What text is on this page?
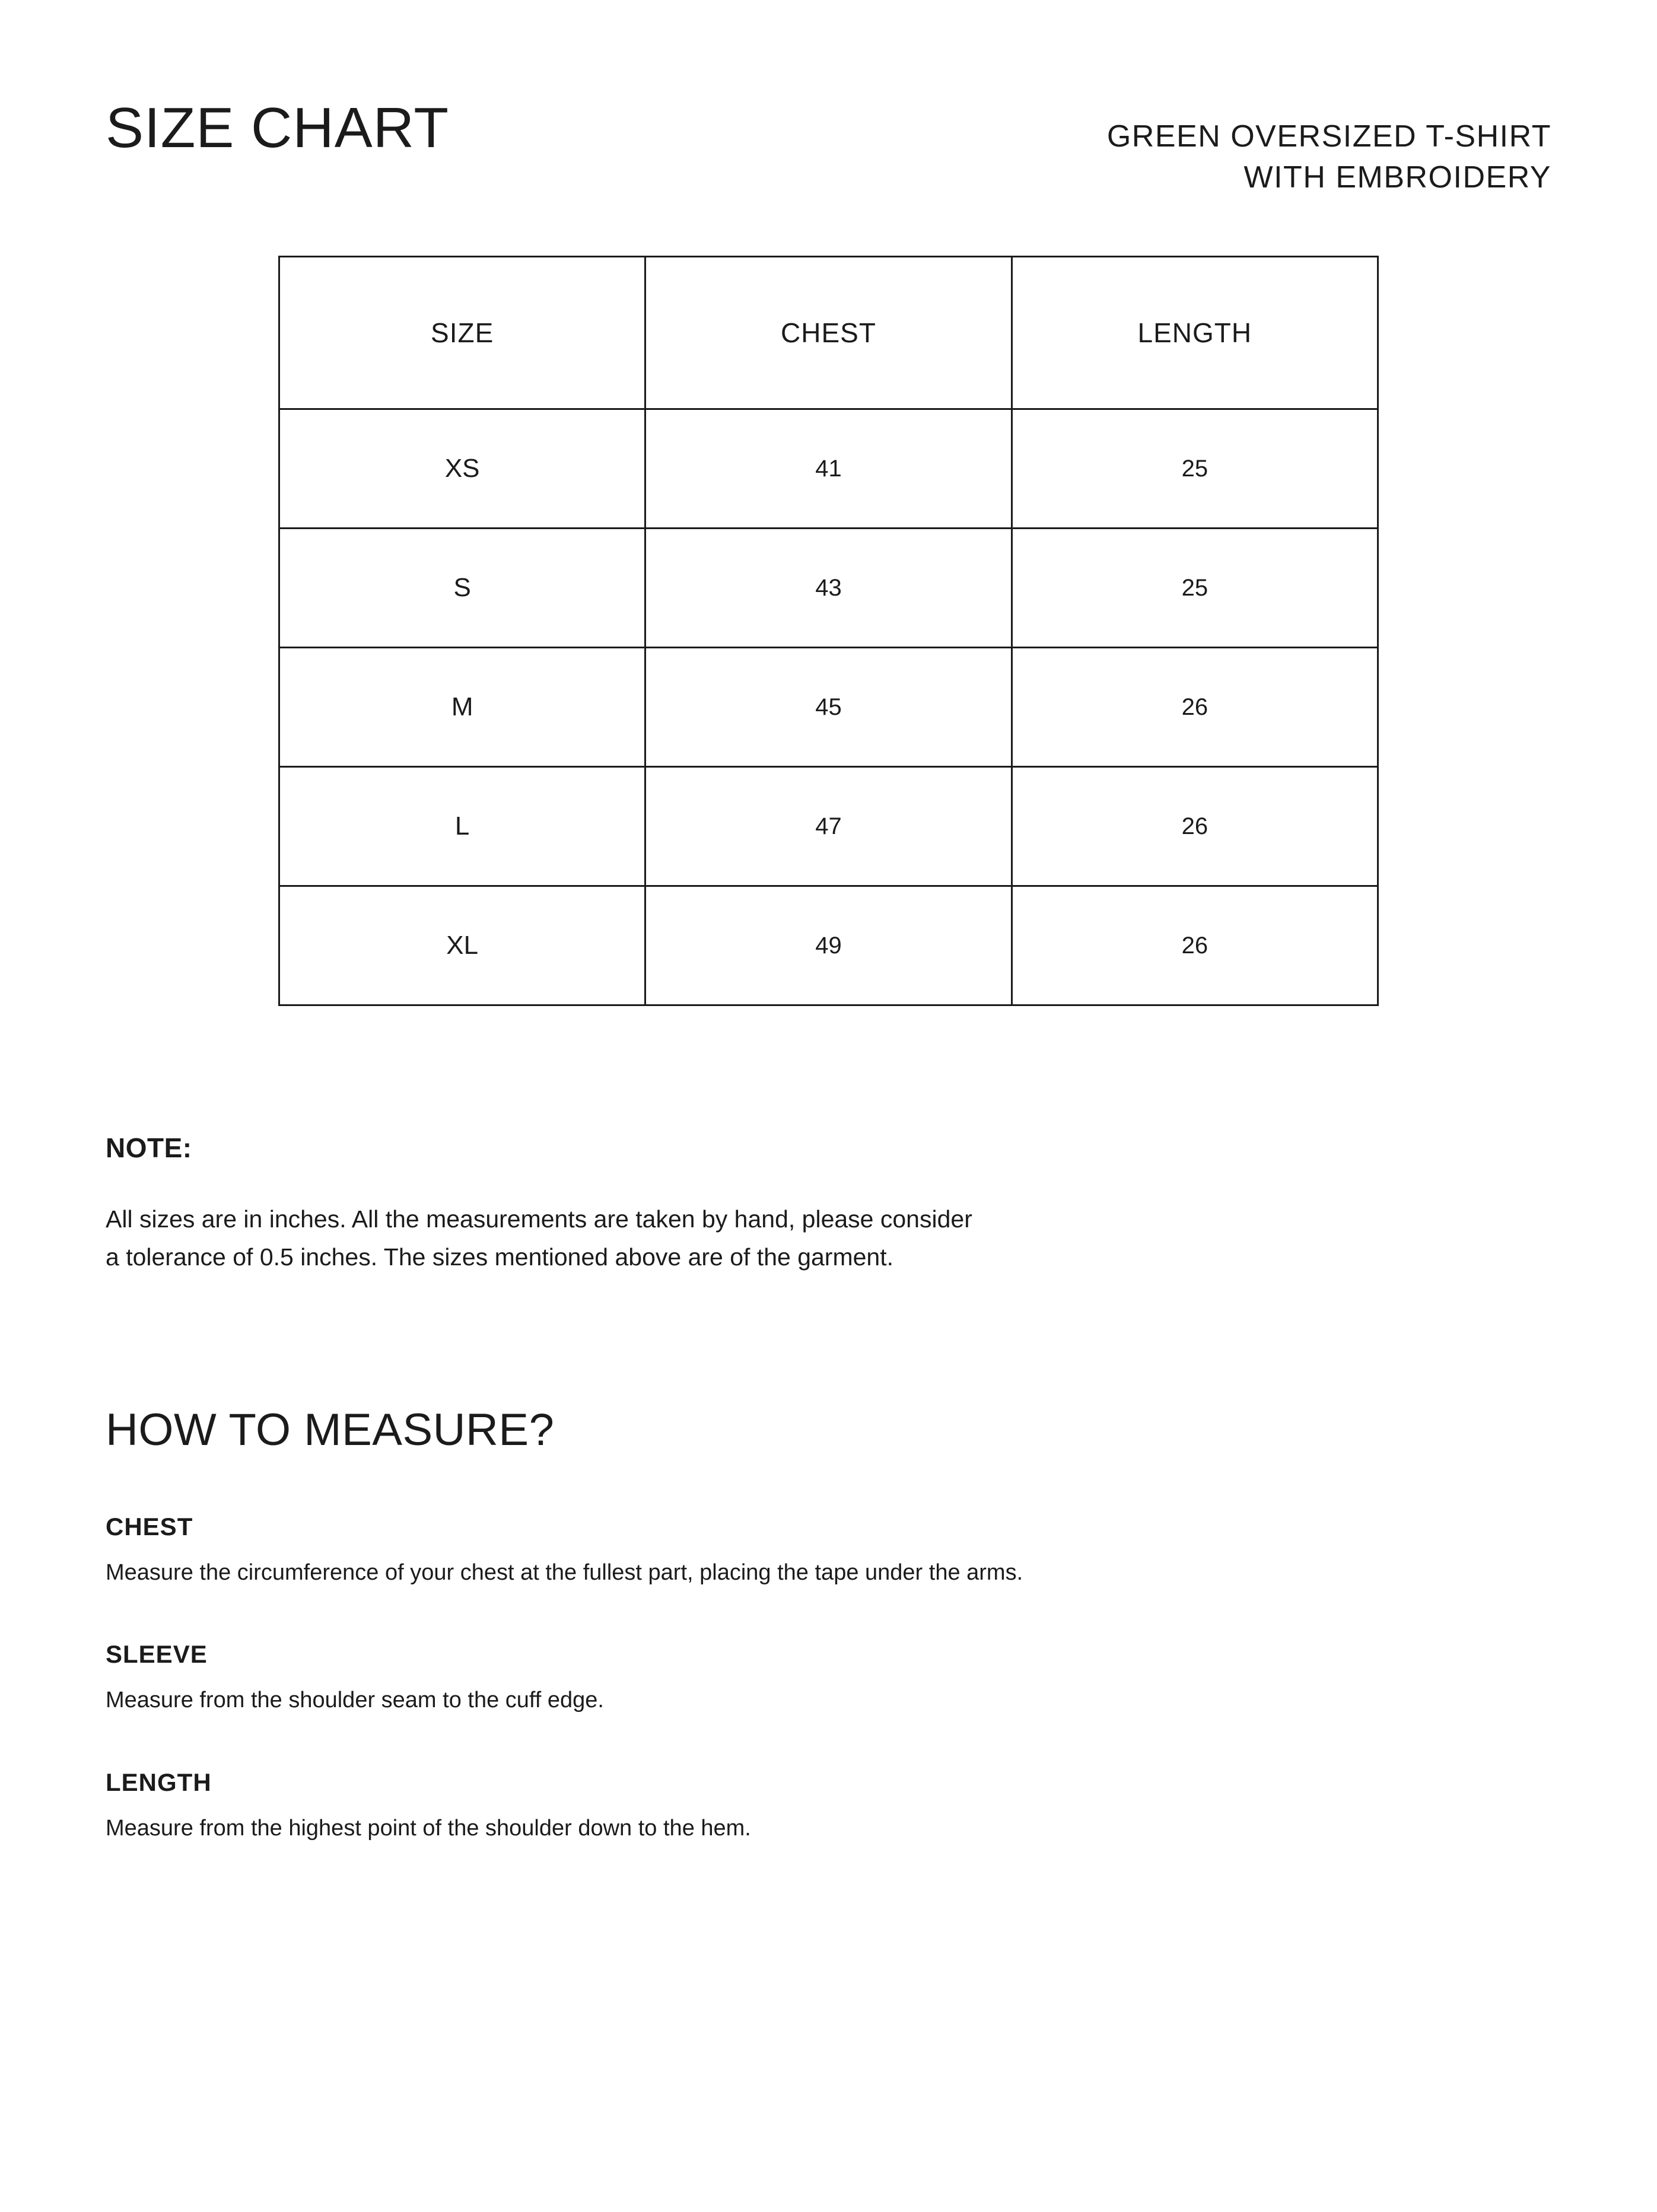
SIZE CHART	GREEN OVERSIZED T-SHIRT
WITH EMBROIDERY
SIZE	CHEST	LENGTH
XS	41	25
S	43	25
M	45	26
L	47	26
XL	49	26
NOTE:
All sizes are in inches. All the measurements are taken by hand, please consider
a tolerance of 0.5 inches. The sizes mentioned above are of the garment.
HOW TO MEASURE?
CHEST
Measure the circumference of your chest at the fullest part, placing the tape under the arms.
SLEEVE
Measure from the shoulder seam to the cuff edge.
LENGTH
Measure from the highest point of the shoulder down to the hem.
